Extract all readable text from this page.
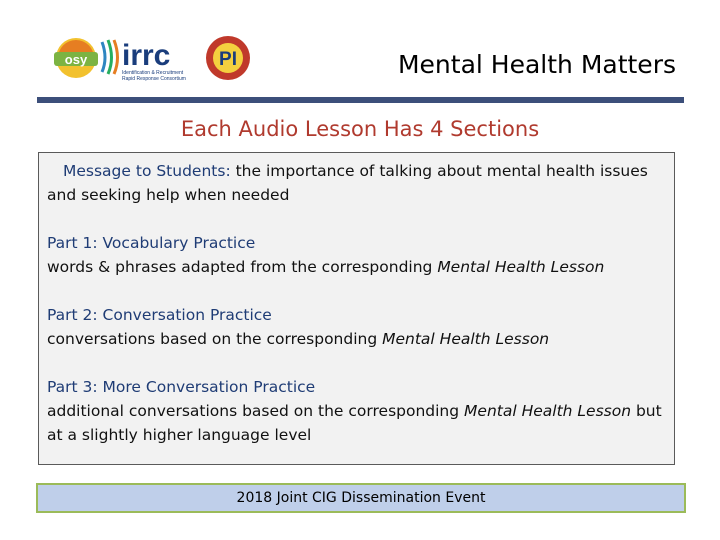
osy irrc
Identification & Recruitment
Rapid Response Consortium
PI	Mental Health Matters
Each Audio Lesson Has 4 Sections
Message to Students: the importance of talking about mental health issues and seeking help when needed
Part 1: Vocabulary Practice
words & phrases adapted from the corresponding Mental Health Lesson
Part 2: Conversation Practice
conversations based on the corresponding Mental Health Lesson
Part 3: More Conversation Practice
additional conversations based on the corresponding Mental Health Lesson but at a slightly higher language level
2018 Joint CIG Dissemination Event
